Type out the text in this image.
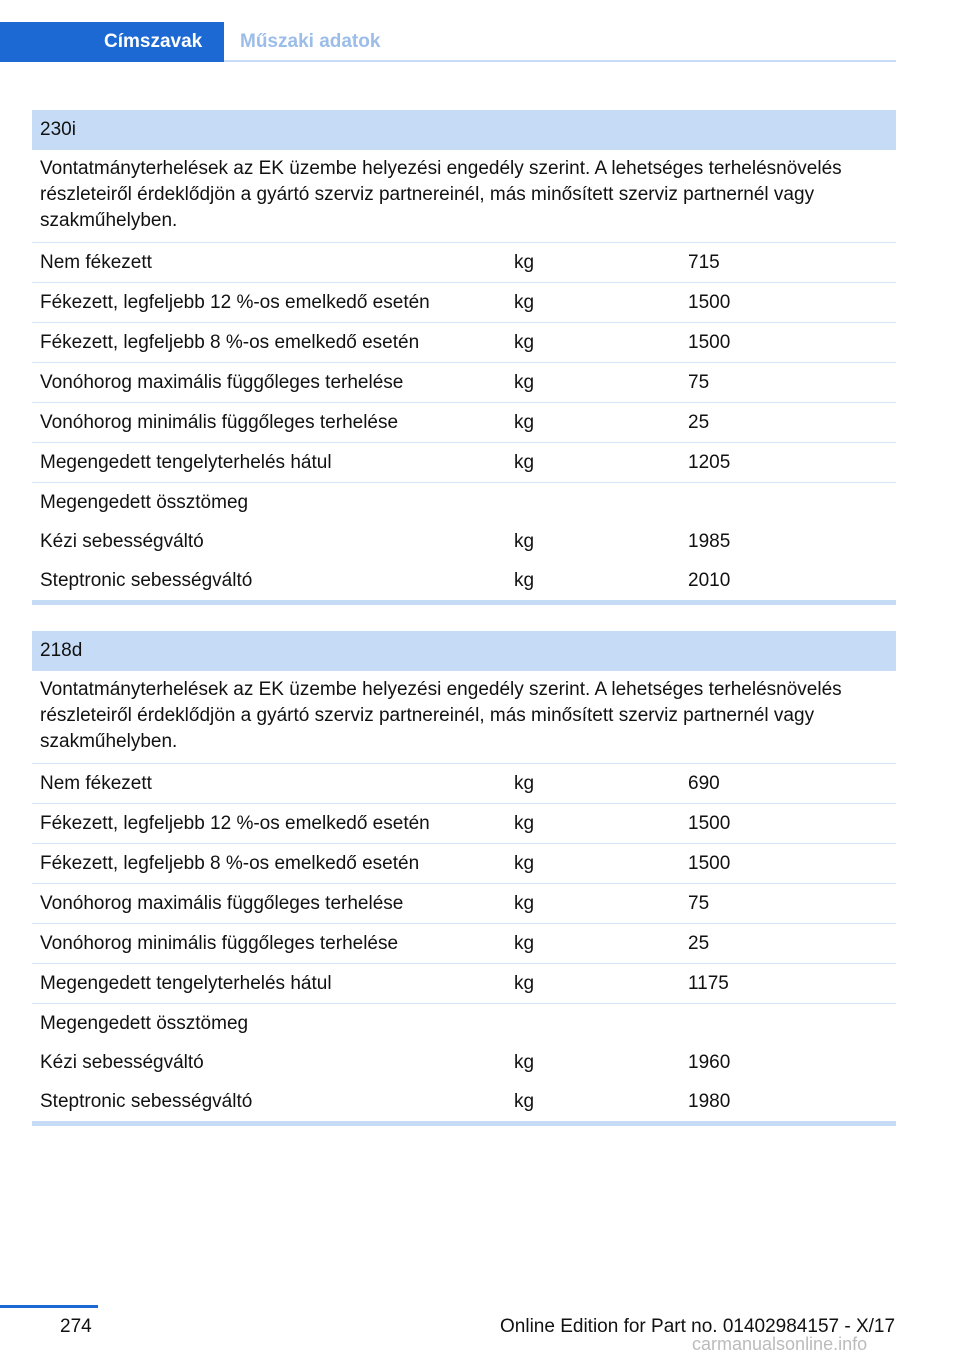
Címszavak	Műszaki adatok
230i
Vontatmányterhelések az EK üzembe helyezési engedély szerint. A lehetséges terhelésnövelés részleteiről érdeklődjön a gyártó szerviz partnereinél, más minősített szerviz partnernél vagy szakműhelyben.
Nem fékezett	kg	715
Fékezett, legfeljebb 12 %-os emelkedő esetén	kg	1500
Fékezett, legfeljebb 8 %-os emelkedő esetén	kg	1500
Vonóhorog maximális függőleges terhelése	kg	75
Vonóhorog minimális függőleges terhelése	kg	25
Megengedett tengelyterhelés hátul	kg	1205
Megengedett össztömeg
Kézi sebességváltó	kg	1985
Steptronic sebességváltó	kg	2010
218d
Vontatmányterhelések az EK üzembe helyezési engedély szerint. A lehetséges terhelésnövelés részleteiről érdeklődjön a gyártó szerviz partnereinél, más minősített szerviz partnernél vagy szakműhelyben.
Nem fékezett	kg	690
Fékezett, legfeljebb 12 %-os emelkedő esetén	kg	1500
Fékezett, legfeljebb 8 %-os emelkedő esetén	kg	1500
Vonóhorog maximális függőleges terhelése	kg	75
Vonóhorog minimális függőleges terhelése	kg	25
Megengedett tengelyterhelés hátul	kg	1175
Megengedett össztömeg
Kézi sebességváltó	kg	1960
Steptronic sebességváltó	kg	1980
274	Online Edition for Part no. 01402984157 - X/17
carmanualsonline.info
